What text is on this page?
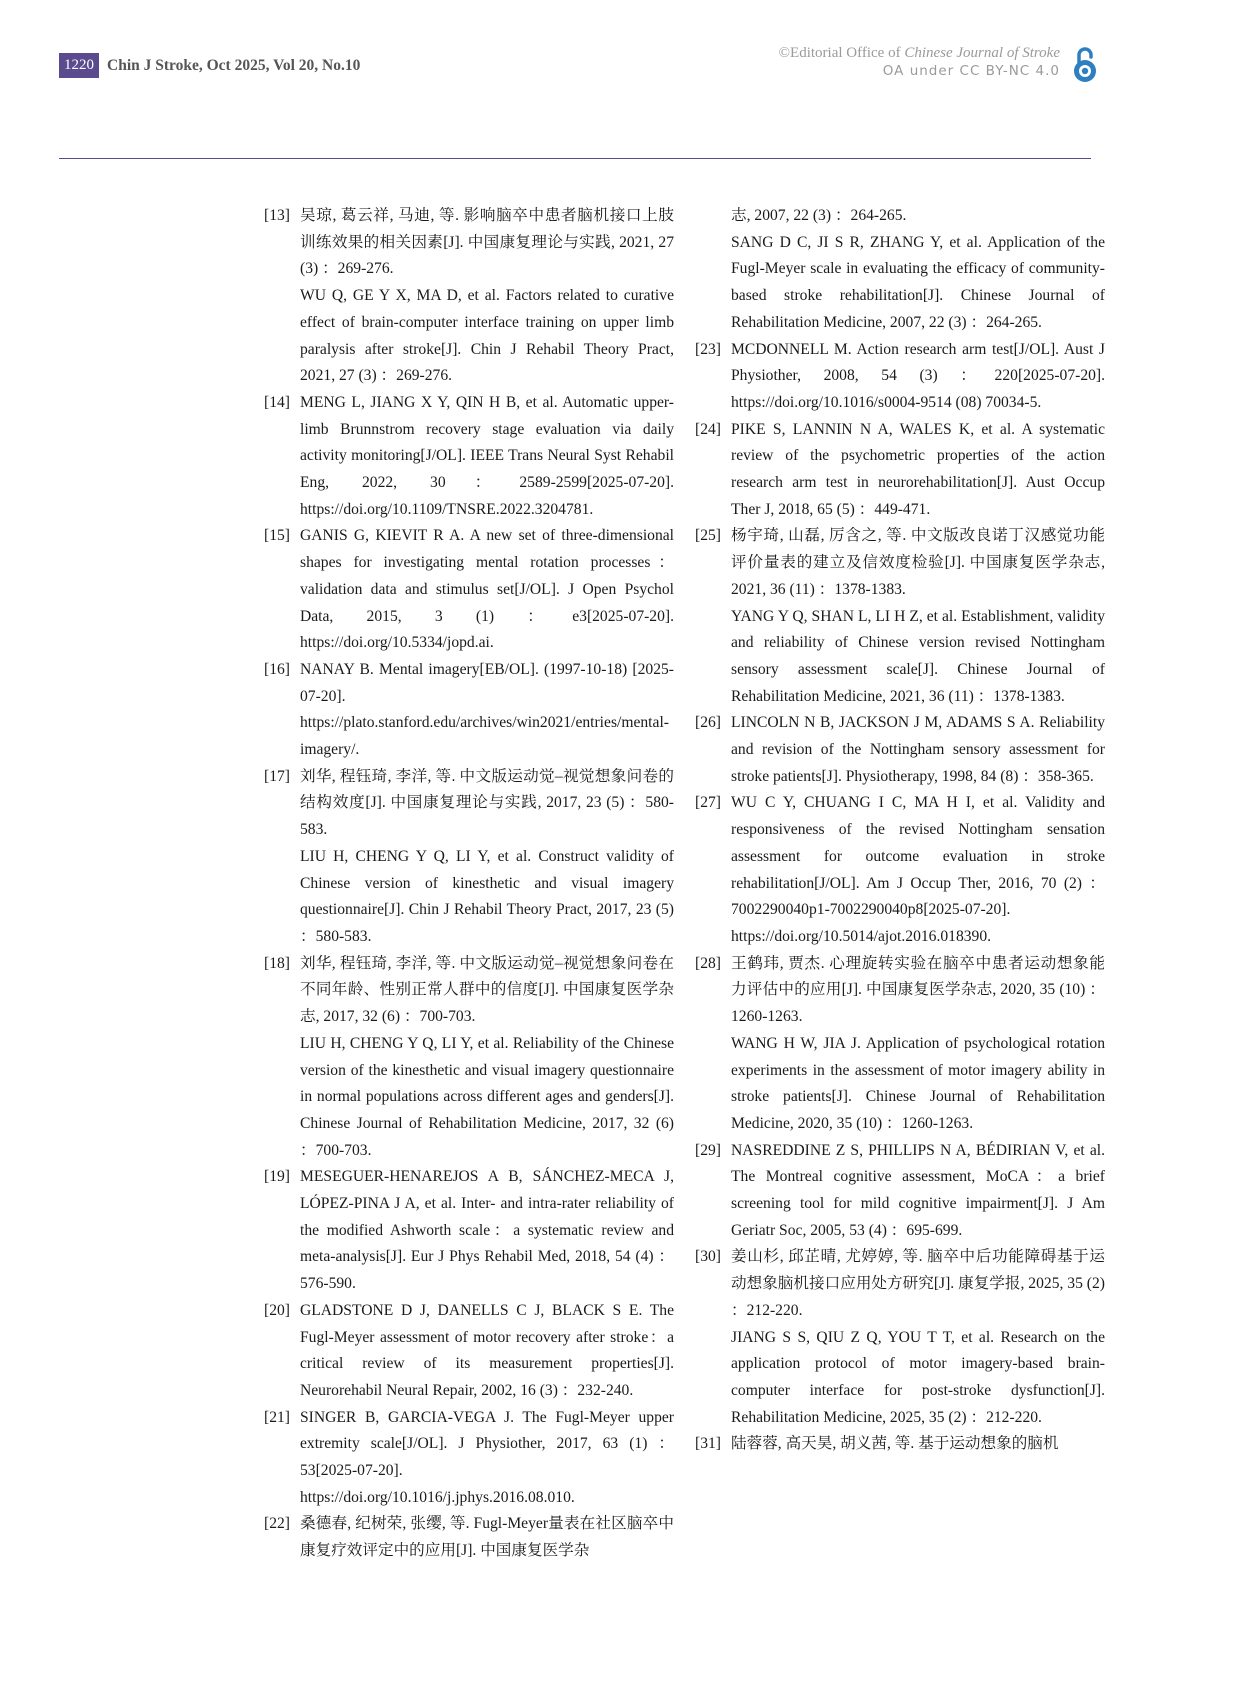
1220 Chin J Stroke, Oct 2025, Vol 20, No.10
©Editorial Office of Chinese Journal of Stroke
OA under CC BY-NC 4.0
[13] 吴琼, 葛云祥, 马迪, 等. 影响脑卒中患者脑机接口上肢训练效果的相关因素[J]. 中国康复理论与实践, 2021, 27 (3) ：269-276.

WU Q, GE Y X, MA D, et al. Factors related to curative effect of brain-computer interface training on upper limb paralysis after stroke[J]. Chin J Rehabil Theory Pract, 2021, 27 (3) ：269-276.

[14] MENG L, JIANG X Y, QIN H B, et al. Automatic upper-limb Brunnstrom recovery stage evaluation via daily activity monitoring[J/OL]. IEEE Trans Neural Syst Rehabil Eng, 2022, 30：2589-2599[2025-07-20]. https://doi.org/10.1109/TNSRE.2022.3204781.

[15] GANIS G, KIEVIT R A. A new set of three-dimensional shapes for investigating mental rotation processes：validation data and stimulus set[J/OL]. J Open Psychol Data, 2015, 3 (1) ：e3[2025-07-20]. https://doi.org/10.5334/jopd.ai.

[16] NANAY B. Mental imagery[EB/OL]. (1997-10-18) [2025-07-20]. https://plato.stanford.edu/archives/win2021/entries/mental-imagery/.

[17] 刘华, 程钰琦, 李洋, 等. 中文版运动觉–视觉想象问卷的结构效度[J]. 中国康复理论与实践, 2017, 23 (5) ：580-583.

LIU H, CHENG Y Q, LI Y, et al. Construct validity of Chinese version of kinesthetic and visual imagery questionnaire[J]. Chin J Rehabil Theory Pract, 2017, 23 (5) ：580-583.

[18] 刘华, 程钰琦, 李洋, 等. 中文版运动觉–视觉想象问卷在不同年龄、性别正常人群中的信度[J]. 中国康复医学杂志, 2017, 32 (6) ：700-703.

LIU H, CHENG Y Q, LI Y, et al. Reliability of the Chinese version of the kinesthetic and visual imagery questionnaire in normal populations across different ages and genders[J]. Chinese Journal of Rehabilitation Medicine, 2017, 32 (6) ：700-703.

[19] MESEGUER-HENAREJOS A B, SÁNCHEZ-MECA J, LÓPEZ-PINA J A, et al. Inter- and intra-rater reliability of the modified Ashworth scale：a systematic review and meta-analysis[J]. Eur J Phys Rehabil Med, 2018, 54 (4) ：576-590.

[20] GLADSTONE D J, DANELLS C J, BLACK S E. The Fugl-Meyer assessment of motor recovery after stroke：a critical review of its measurement properties[J]. Neurorehabil Neural Repair, 2002, 16 (3) ：232-240.

[21] SINGER B, GARCIA-VEGA J. The Fugl-Meyer upper extremity scale[J/OL]. J Physiother, 2017, 63 (1) ：53[2025-07-20]. https://doi.org/10.1016/j.jphys.2016.08.010.

[22] 桑德春, 纪树荣, 张缨, 等. Fugl-Meyer量表在社区脑卒中康复疗效评定中的应用[J]. 中国康复医学杂

志, 2007, 22 (3) ：264-265.

SANG D C, JI S R, ZHANG Y, et al. Application of the Fugl-Meyer scale in evaluating the efficacy of community-based stroke rehabilitation[J]. Chinese Journal of Rehabilitation Medicine, 2007, 22 (3) ：264-265.

[23] MCDONNELL M. Action research arm test[J/OL]. Aust J Physiother, 2008, 54 (3) ：220[2025-07-20]. https://doi.org/10.1016/s0004-9514 (08) 70034-5.

[24] PIKE S, LANNIN N A, WALES K, et al. A systematic review of the psychometric properties of the action research arm test in neurorehabilitation[J]. Aust Occup Ther J, 2018, 65 (5) ：449-471.

[25] 杨宇琦, 山磊, 厉含之, 等. 中文版改良诺丁汉感觉功能评价量表的建立及信效度检验[J]. 中国康复医学杂志, 2021, 36 (11) ：1378-1383.

YANG Y Q, SHAN L, LI H Z, et al. Establishment, validity and reliability of Chinese version revised Nottingham sensory assessment scale[J]. Chinese Journal of Rehabilitation Medicine, 2021, 36 (11) ：1378-1383.

[26] LINCOLN N B, JACKSON J M, ADAMS S A. Reliability and revision of the Nottingham sensory assessment for stroke patients[J]. Physiotherapy, 1998, 84 (8) ：358-365.

[27] WU C Y, CHUANG I C, MA H I, et al. Validity and responsiveness of the revised Nottingham sensation assessment for outcome evaluation in stroke rehabilitation[J/OL]. Am J Occup Ther, 2016, 70 (2) ：7002290040p1-7002290040p8[2025-07-20]. https://doi.org/10.5014/ajot.2016.018390.

[28] 王鹤玮, 贾杰. 心理旋转实验在脑卒中患者运动想象能力评估中的应用[J]. 中国康复医学杂志, 2020, 35 (10) ：1260-1263.

WANG H W, JIA J. Application of psychological rotation experiments in the assessment of motor imagery ability in stroke patients[J]. Chinese Journal of Rehabilitation Medicine, 2020, 35 (10) ：1260-1263.

[29] NASREDDINE Z S, PHILLIPS N A, BÉDIRIAN V, et al. The Montreal cognitive assessment, MoCA：a brief screening tool for mild cognitive impairment[J]. J Am Geriatr Soc, 2005, 53 (4) ：695-699.

[30] 姜山杉, 邱芷晴, 尤婷婷, 等. 脑卒中后功能障碍基于运动想象脑机接口应用处方研究[J]. 康复学报, 2025, 35 (2) ：212-220.

JIANG S S, QIU Z Q, YOU T T, et al. Research on the application protocol of motor imagery-based brain-computer interface for post-stroke dysfunction[J]. Rehabilitation Medicine, 2025, 35 (2) ：212-220.

[31] 陆蓉蓉, 高天昊, 胡义茜, 等. 基于运动想象的脑机
